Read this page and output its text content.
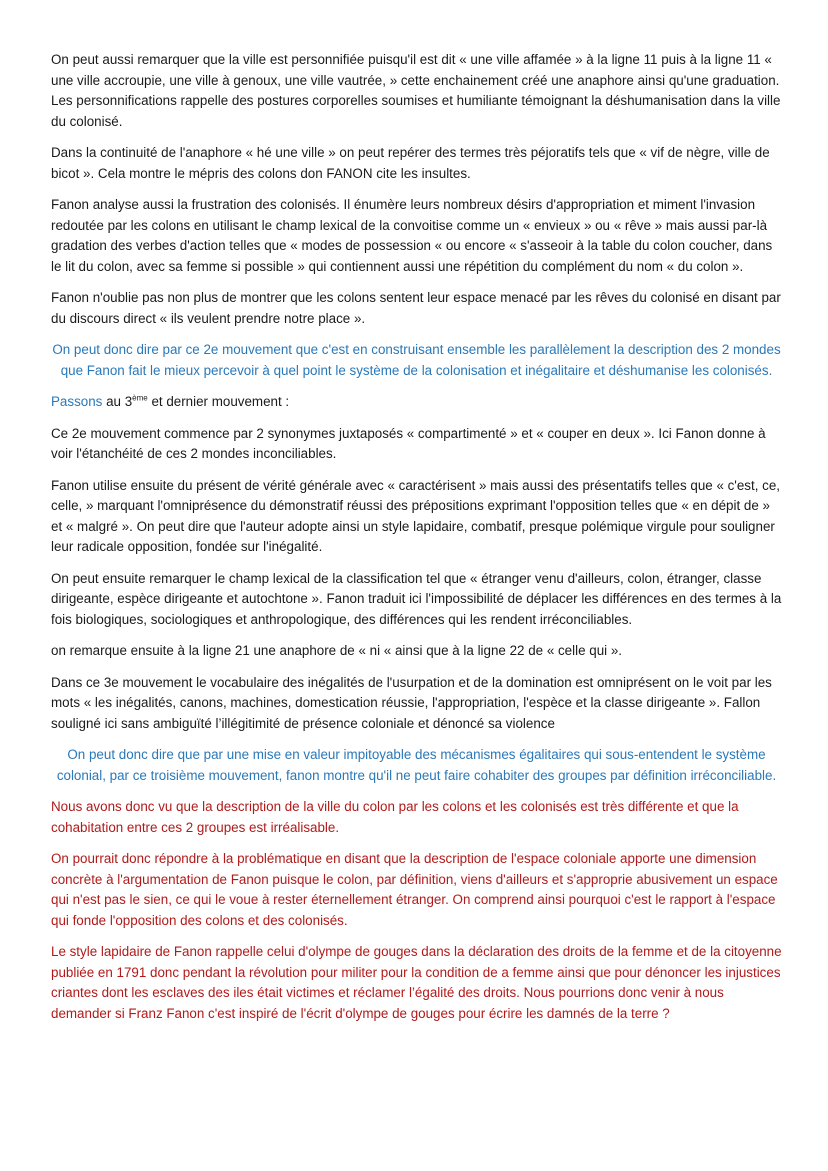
On peut aussi remarquer que la ville est personnifiée puisqu'il est dit « une ville affamée » à la ligne 11 puis à la ligne 11 « une ville accroupie, une ville à genoux, une ville vautrée, » cette enchainement créé une anaphore ainsi qu'une graduation. Les personnifications rappelle des postures corporelles soumises et humiliante témoignant la déshumanisation dans la ville du colonisé.

Dans la continuité de l'anaphore « hé une ville » on peut repérer des termes très péjoratifs tels que « vif de nègre, ville de bicot ». Cela montre le mépris des colons don FANON cite les insultes.

Fanon analyse aussi la frustration des colonisés. Il énumère leurs nombreux désirs d'appropriation et miment l'invasion redoutée par les colons en utilisant le champ lexical de la convoitise comme un « envieux » ou « rêve » mais aussi par-là gradation des verbes d'action telles que « modes de possession « ou encore « s'asseoir à la table du colon coucher, dans le lit du colon, avec sa femme si possible » qui contiennent aussi une répétition du complément du nom « du colon ».

Fanon n'oublie pas non plus de montrer que les colons sentent leur espace menacé par les rêves du colonisé en disant par du discours direct « ils veulent prendre notre place ».

On peut donc dire par ce 2e mouvement que c'est en construisant ensemble les parallèlement la description des 2 mondes que Fanon fait le mieux percevoir à quel point le système de la colonisation et inégalitaire et déshumanise les colonisés.

Passons au 3ème et dernier mouvement :

Ce 2e mouvement commence par 2 synonymes juxtaposés « compartimenté » et « couper en deux ». Ici Fanon donne à voir l'étanchéité de ces 2 mondes inconciliables.

Fanon utilise ensuite du présent de vérité générale avec « caractérisent » mais aussi des présentatifs telles que « c'est, ce, celle, » marquant l'omniprésence du démonstratif réussi des prépositions exprimant l'opposition telles que « en dépit de » et « malgré ». On peut dire que l'auteur adopte ainsi un style lapidaire, combatif, presque polémique virgule pour souligner leur radicale opposition, fondée sur l'inégalité.

On peut ensuite remarquer le champ lexical de la classification tel que « étranger venu d'ailleurs, colon, étranger, classe dirigeante, espèce dirigeante et autochtone ». Fanon traduit ici l'impossibilité de déplacer les différences en des termes à la fois biologiques, sociologiques et anthropologique, des différences qui les rendent irréconciliables.

on remarque ensuite à la ligne 21 une anaphore de « ni « ainsi que à la ligne 22 de « celle qui ».

Dans ce 3e mouvement le vocabulaire des inégalités de l'usurpation et de la domination est omniprésent on le voit par les mots « les inégalités, canons, machines, domestication réussie, l'appropriation, l'espèce et la classe dirigeante ». Fallon souligné ici sans ambiguïté l’illégitimité de présence coloniale et dénoncé sa violence

On peut donc dire que par une mise en valeur impitoyable des mécanismes égalitaires qui sous-entendent le système colonial, par ce troisième mouvement, fanon montre qu'il ne peut faire cohabiter des groupes par définition irréconciliable.

Nous avons donc vu que la description de la ville du colon par les colons et les colonisés est très différente et que la cohabitation entre ces 2 groupes est irréalisable.

On pourrait donc répondre à la problématique en disant que la description de l'espace coloniale apporte une dimension concrète à l'argumentation de Fanon puisque le colon, par définition, viens d'ailleurs et s'approprie abusivement un espace qui n'est pas le sien, ce qui le voue à rester éternellement étranger. On comprend ainsi pourquoi c'est le rapport à l'espace qui fonde l'opposition des colons et des colonisés.

Le style lapidaire de Fanon rappelle celui d'olympe de gouges dans la déclaration des droits de la femme et de la citoyenne publiée en 1791 donc pendant la révolution pour militer pour la condition de a femme ainsi que pour dénoncer les injustices criantes dont les esclaves des iles était victimes et réclamer l’égalité des droits. Nous pourrions donc venir à nous demander si Franz Fanon c'est inspiré de l'écrit d'olympe de gouges pour écrire les damnés de la terre ?
